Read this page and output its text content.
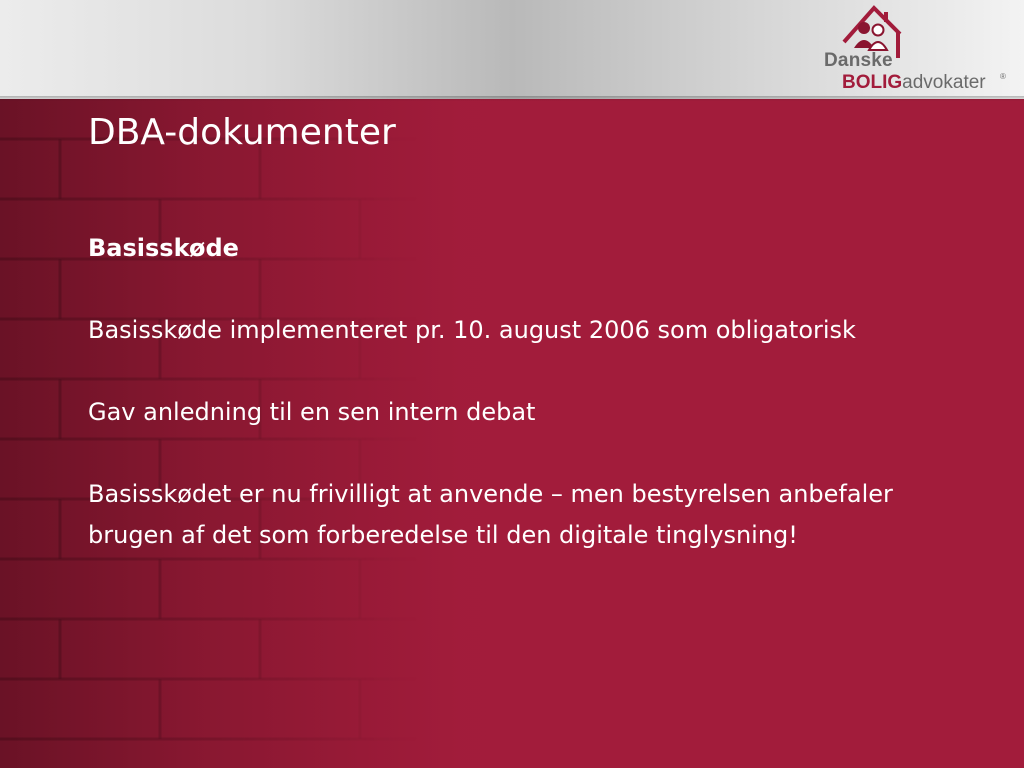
Danske
BOLIGadvokater ®
DBA-dokumenter

Basisskøde

Basisskøde implementeret pr. 10. august 2006 som obligatorisk

Gav anledning til en sen intern debat

Basisskødet er nu frivilligt at anvende – men bestyrelsen anbefaler brugen af det som forberedelse til den digitale tinglysning!
